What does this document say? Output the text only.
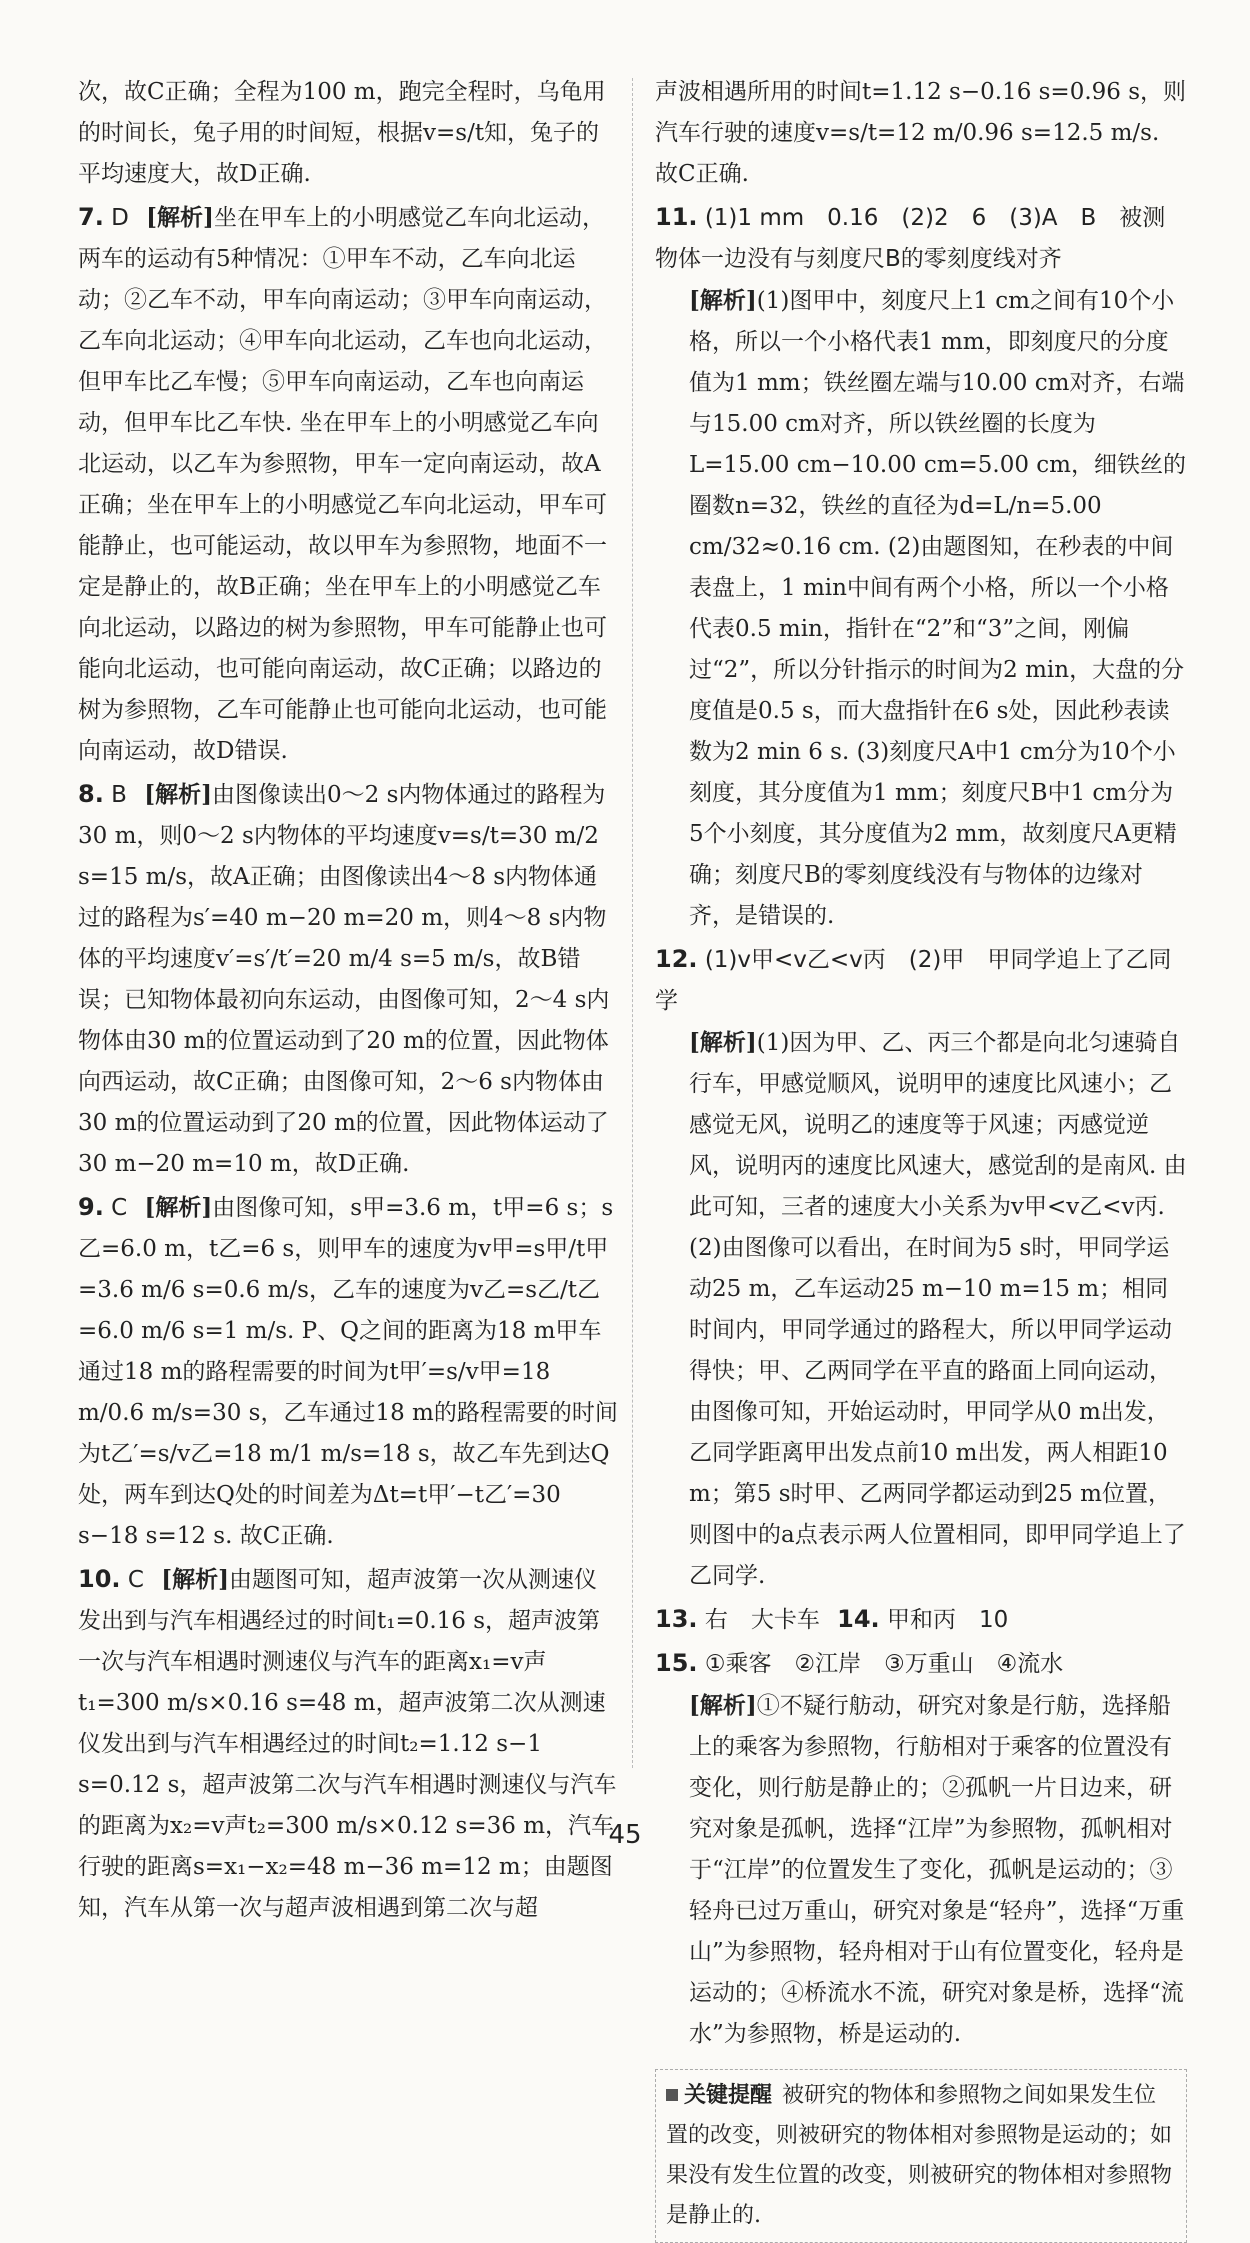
次，故C正确；全程为100 m，跑完全程时，乌龟用的时间长，兔子用的时间短，根据v=s/t知，兔子的平均速度大，故D正确.

7. D [解析]坐在甲车上的小明感觉乙车向北运动，两车的运动有5种情况：①甲车不动，乙车向北运动；②乙车不动，甲车向南运动；③甲车向南运动，乙车向北运动；④甲车向北运动，乙车也向北运动，但甲车比乙车慢；⑤甲车向南运动，乙车也向南运动，但甲车比乙车快. 坐在甲车上的小明感觉乙车向北运动，以乙车为参照物，甲车一定向南运动，故A正确；坐在甲车上的小明感觉乙车向北运动，甲车可能静止，也可能运动，故以甲车为参照物，地面不一定是静止的，故B正确；坐在甲车上的小明感觉乙车向北运动，以路边的树为参照物，甲车可能静止也可能向北运动，也可能向南运动，故C正确；以路边的树为参照物，乙车可能静止也可能向北运动，也可能向南运动，故D错误.
8. B [解析]由图像读出0～2 s内物体通过的路程为30 m，则0～2 s内物体的平均速度v=s/t=30 m/2 s=15 m/s，故A正确；由图像读出4～8 s内物体通过的路程为s′=40 m−20 m=20 m，则4～8 s内物体的平均速度v′=s′/t′=20 m/4 s=5 m/s，故B错误；已知物体最初向东运动，由图像可知，2～4 s内物体由30 m的位置运动到了20 m的位置，因此物体向西运动，故C正确；由图像可知，2～6 s内物体由30 m的位置运动到了20 m的位置，因此物体运动了30 m−20 m=10 m，故D正确.
9. C [解析]由图像可知，s甲=3.6 m，t甲=6 s；s乙=6.0 m，t乙=6 s，则甲车的速度为v甲=s甲/t甲=3.6 m/6 s=0.6 m/s，乙车的速度为v乙=s乙/t乙=6.0 m/6 s=1 m/s. P、Q之间的距离为18 m甲车通过18 m的路程需要的时间为t甲′=s/v甲=18 m/0.6 m/s=30 s，乙车通过18 m的路程需要的时间为t乙′=s/v乙=18 m/1 m/s=18 s，故乙车先到达Q处，两车到达Q处的时间差为Δt=t甲′−t乙′=30 s−18 s=12 s. 故C正确.
10. C [解析]由题图可知，超声波第一次从测速仪发出到与汽车相遇经过的时间t₁=0.16 s，超声波第一次与汽车相遇时测速仪与汽车的距离x₁=v声t₁=300 m/s×0.16 s=48 m，超声波第二次从测速仪发出到与汽车相遇经过的时间t₂=1.12 s−1 s=0.12 s，超声波第二次与汽车相遇时测速仪与汽车的距离为x₂=v声t₂=300 m/s×0.12 s=36 m，汽车行驶的距离s=x₁−x₂=48 m−36 m=12 m；由题图知，汽车从第一次与超声波相遇到第二次与超

声波相遇所用的时间t=1.12 s−0.16 s=0.96 s，则汽车行驶的速度v=s/t=12 m/0.96 s=12.5 m/s. 故C正确.

11. (1)1 mm　0.16　(2)2　6　(3)A　B　被测物体一边没有与刻度尺B的零刻度线对齐

[解析](1)图甲中，刻度尺上1 cm之间有10个小格，所以一个小格代表1 mm，即刻度尺的分度值为1 mm；铁丝圈左端与10.00 cm对齐，右端与15.00 cm对齐，所以铁丝圈的长度为L=15.00 cm−10.00 cm=5.00 cm，细铁丝的圈数n=32，铁丝的直径为d=L/n=5.00 cm/32≈0.16 cm. (2)由题图知，在秒表的中间表盘上，1 min中间有两个小格，所以一个小格代表0.5 min，指针在“2”和“3”之间，刚偏过“2”，所以分针指示的时间为2 min，大盘的分度值是0.5 s，而大盘指针在6 s处，因此秒表读数为2 min 6 s. (3)刻度尺A中1 cm分为10个小刻度，其分度值为1 mm；刻度尺B中1 cm分为5个小刻度，其分度值为2 mm，故刻度尺A更精确；刻度尺B的零刻度线没有与物体的边缘对齐，是错误的.

12. (1)v甲<v乙<v丙　(2)甲　甲同学追上了乙同学

[解析](1)因为甲、乙、丙三个都是向北匀速骑自行车，甲感觉顺风，说明甲的速度比风速小；乙感觉无风，说明乙的速度等于风速；丙感觉逆风，说明丙的速度比风速大，感觉刮的是南风. 由此可知，三者的速度大小关系为v甲<v乙<v丙. (2)由图像可以看出，在时间为5 s时，甲同学运动25 m，乙车运动25 m−10 m=15 m；相同时间内，甲同学通过的路程大，所以甲同学运动得快；甲、乙两同学在平直的路面上同向运动，由图像可知，开始运动时，甲同学从0 m出发，乙同学距离甲出发点前10 m出发，两人相距10 m；第5 s时甲、乙两同学都运动到25 m位置，则图中的a点表示两人位置相同，即甲同学追上了乙同学.

13. 右　大卡车 14. 甲和丙　10
15. ①乘客　②江岸　③万重山　④流水

[解析]①不疑行舫动，研究对象是行舫，选择船上的乘客为参照物，行舫相对于乘客的位置没有变化，则行舫是静止的；②孤帆一片日边来，研究对象是孤帆，选择“江岸”为参照物，孤帆相对于“江岸”的位置发生了变化，孤帆是运动的；③轻舟已过万重山，研究对象是“轻舟”，选择“万重山”为参照物，轻舟相对于山有位置变化，轻舟是运动的；④桥流水不流，研究对象是桥，选择“流水”为参照物，桥是运动的.

关键提醒 被研究的物体和参照物之间如果发生位置的改变，则被研究的物体相对参照物是运动的；如果没有发生位置的改变，则被研究的物体相对参照物是静止的.
45
